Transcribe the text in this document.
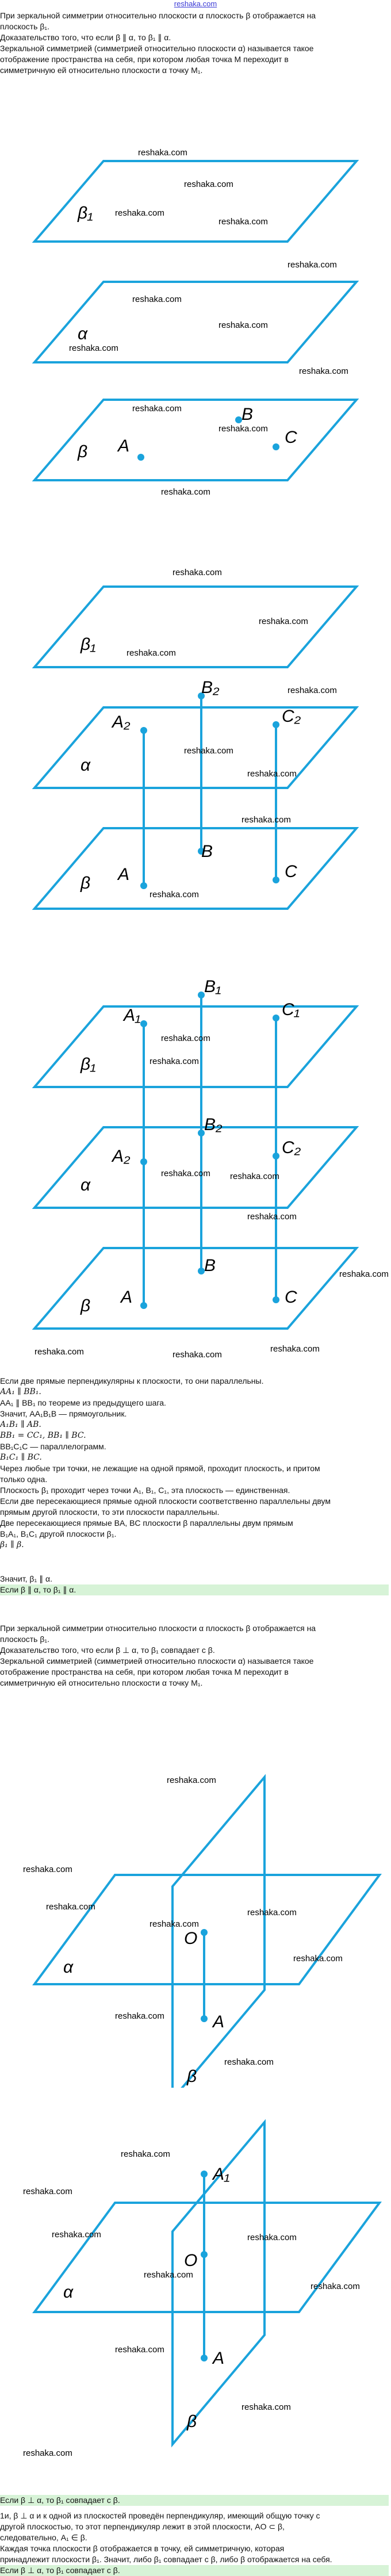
reshaka.com
При зеркальной симметрии относительно плоскости α плоскость β отображается на
плоскость β₁.
Доказательство того, что если β ∥ α, то β₁ ∥ α.
Зеркальной симметрией (симметрией относительно плоскости α) называется такое
отображение пространства на себя, при котором любая точка M переходит в
симметричную ей относительно плоскости α точку M₁.
reshaka.com
reshaka.com
reshaka.com
reshaka.com
reshaka.com
reshaka.com
reshaka.com
reshaka.com
reshaka.com
reshaka.com
reshaka.com
reshaka.com
β₁
α
β A
B
C
A₂
B₂
C₂
A
B
C
β₁
α
β
reshaka.com
reshaka.com
reshaka.com
reshaka.com
reshaka.com
reshaka.com
reshaka.com
reshaka.com
A₁
B₁
C₁
A₂
B₂
C₂
A
B
C
β₁
α
β
reshaka.com
reshaka.com
reshaka.com reshaka.com
reshaka.com
reshaka.com
reshaka.com	reshaka.com
reshaka.com
Если две прямые перпендикулярны к плоскости, то они параллельны.
AA₁ ∥ BB₁.
AA₁ ∥ BB₁ по теореме из предыдущего шага.
Значит, AA₁B₁B — прямоугольник.
A₁B₁ ∥ AB.
BB₁ = CC₁, BB₁ ∥ BC.
BB₁C₁C — параллелограмм.
B₁C₁ ∥ BC.
Через любые три точки, не лежащие на одной прямой, проходит плоскость, и притом
только одна.
Плоскость β₁ проходит через точки A₁, B₁, C₁, эта плоскость — единственная.
Если две пересекающиеся прямые одной плоскости соответственно параллельны двум
прямым другой плоскости, то эти плоскости параллельны.
Две пересекающиеся прямые BA, BC плоскости β параллельны двум прямым
B₁A₁, B₁C₁ другой плоскости β₁.
β₁ ∥ β.
Значит, β₁ ∥ α.
Если β ∥ α, то β₁ ∥ α.
При зеркальной симметрии относительно плоскости α плоскость β отображается на
плоскость β₁.
Доказательство того, что если β ⊥ α, то β₁ совпадает с β.
Зеркальной симметрией (симметрией относительно плоскости α) называется такое
отображение пространства на себя, при котором любая точка M переходит в
симметричную ей относительно плоскости α точку M₁.
O
A
α
β
reshaka.com
reshaka.com
reshaka.com
reshaka.com
reshaka.com
reshaka.com
reshaka.com
reshaka.com
A₁
O
A
α
β
reshaka.com
reshaka.com
reshaka.com	reshaka.com
reshaka.com
reshaka.com
reshaka.com
reshaka.com
reshaka.com
Если β ⊥ α, то β₁ совпадает с β.
1и, β ⊥ α и к одной из плоскостей проведён перпендикуляр, имеющий общую точку с
другой плоскостью, то этот перпендикуляр лежит в этой плоскости, AO ⊂ β,
следовательно, A₁ ∈ β.
Каждая точка плоскости β отображается в точку, ей симметричную, которая
принадлежит плоскости β₁. Значит, либо β₁ совпадает с β, либо β отображается на себя.
Если β ⊥ α, то β₁ совпадает с β.
